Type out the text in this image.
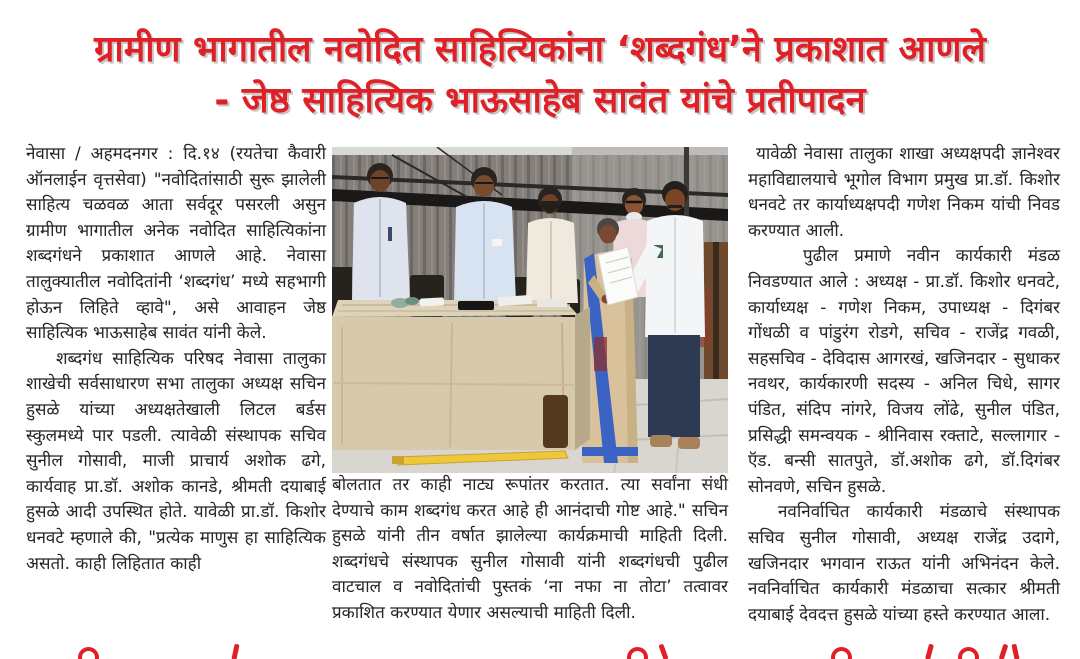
ग्रामीण भागातील नवोदित साहित्यिकांना ‘शब्दगंध’ने प्रकाशात आणले
- जेष्ठ साहित्यिक भाऊसाहेब सावंत यांचे प्रतीपादन

नेवासा / अहमदनगर : दि.१४ (रयतेचा कैवारी ऑनलाईन वृत्तसेवा) "नवोदितांसाठी सुरू झालेली साहित्य चळवळ आता सर्वदूर पसरली असुन ग्रामीण भागातील अनेक नवोदित साहित्यिकांना शब्दगंधने प्रकाशात आणले आहे. नेवासा तालुक्यातील नवोदितांनी ‘शब्दगंध’ मध्ये सहभागी होऊन लिहिते व्हावे", असे आवाहन जेष्ठ साहित्यिक भाऊसाहेब सावंत यांनी केले.

शब्दगंध साहित्यिक परिषद नेवासा तालुका शाखेची सर्वसाधारण सभा तालुका अध्यक्ष सचिन हुसळे यांच्या अध्यक्षतेखाली लिटल बर्डस स्कुलमध्ये पार पडली. त्यावेळी संस्थापक सचिव सुनील गोसावी, माजी प्राचार्य अशोक ढगे, कार्यवाह प्रा.डॉ. अशोक कानडे, श्रीमती दयाबाई हुसळे आदी उपस्थित होते. यावेळी प्रा.डॉ. किशोर धनवटे म्हणाले की, "प्रत्येक माणुस हा साहित्यिक असतो. काही लिहितात काही

बोलतात तर काही नाट्य रूपांतर करतात. त्या सर्वांना संधी देण्याचे काम शब्दगंध करत आहे ही आनंदाची गोष्ट आहे." सचिन हुसळे यांनी तीन वर्षात झालेल्या कार्यक्रमाची माहिती दिली. शब्दगंधचे संस्थापक सुनील गोसावी यांनी शब्दगंधची पुढील वाटचाल व नवोदितांची पुस्तकं ‘ना नफा ना तोटा’ तत्वावर प्रकाशित करण्यात येणार असल्याची माहिती दिली.

यावेळी नेवासा तालुका शाखा अध्यक्षपदी ज्ञानेश्वर महाविद्यालयाचे भूगोल विभाग प्रमुख प्रा.डॉ. किशोर धनवटे तर कार्याध्यक्षपदी गणेश निकम यांची निवड करण्यात आली.

पुढील प्रमाणे नवीन कार्यकारी मंडळ निवडण्यात आले : अध्यक्ष - प्रा.डॉ. किशोर धनवटे, कार्याध्यक्ष - गणेश निकम, उपाध्यक्ष - दिगंबर गोंधळी व पांडुरंग रोडगे, सचिव - राजेंद्र गवळी, सहसचिव - देविदास आगरखं, खजिनदार - सुधाकर नवथर, कार्यकारणी सदस्य - अनिल चिधे, सागर पंडित, संदिप नांगरे, विजय लोंढे, सुनील पंडित, प्रसिद्धी समन्वयक - श्रीनिवास रक्ताटे, सल्लागार - ऍड. बन्सी सातपुते, डॉ.अशोक ढगे, डॉ.दिगंबर सोनवणे, सचिन हुसळे.

नवनिर्वाचित कार्यकारी मंडळाचे संस्थापक सचिव सुनील गोसावी, अध्यक्ष राजेंद्र उदागे, खजिनदार भगवान राऊत यांनी अभिनंदन केले. नवनिर्वाचित कार्यकारी मंडळाचा सत्कार श्रीमती दयाबाई देवदत्त हुसळे यांच्या हस्ते करण्यात आला.
